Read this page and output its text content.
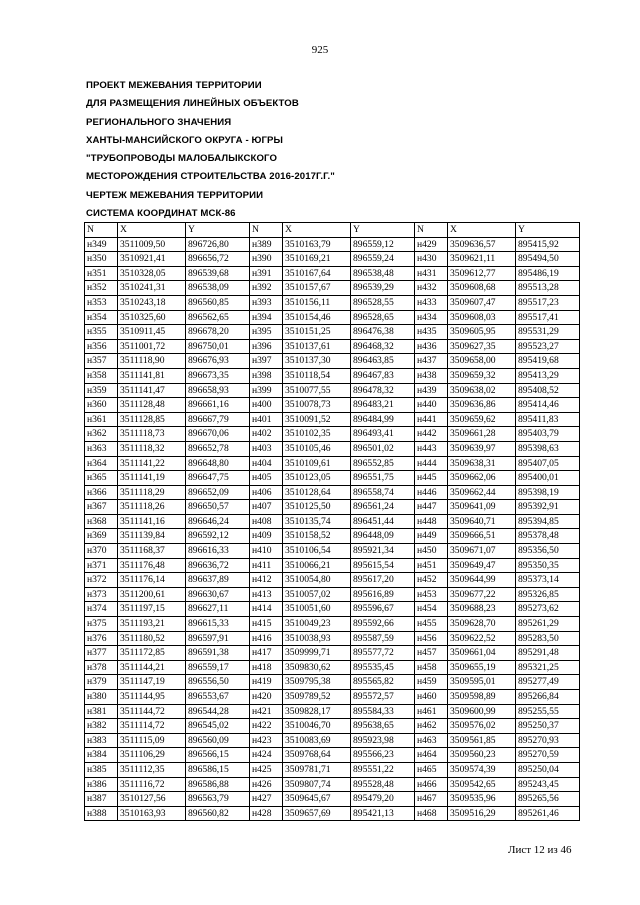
925
ПРОЕКТ МЕЖЕВАНИЯ ТЕРРИТОРИИ
ДЛЯ РАЗМЕЩЕНИЯ ЛИНЕЙНЫХ ОБЪЕКТОВ
РЕГИОНАЛЬНОГО ЗНАЧЕНИЯ
ХАНТЫ-МАНСИЙСКОГО ОКРУГА - ЮГРЫ
"ТРУБОПРОВОДЫ МАЛОБАЛЫКСКОГО
МЕСТОРОЖДЕНИЯ СТРОИТЕЛЬСТВА 2016-2017Г.Г."
ЧЕРТЕЖ МЕЖЕВАНИЯ ТЕРРИТОРИИ
СИСТЕМА КООРДИНАТ МСК-86
N	X	Y	N	X	Y	N	X	Y
н349	3511009,50	896726,80	н389	3510163,79	896559,12	н429	3509636,57	895415,92
н350	3510921,41	896656,72	н390	3510169,21	896559,24	н430	3509621,11	895494,50
н351	3510328,05	896539,68	н391	3510167,64	896538,48	н431	3509612,77	895486,19
н352	3510241,31	896538,09	н392	3510157,67	896539,29	н432	3509608,68	895513,28
н353	3510243,18	896560,85	н393	3510156,11	896528,55	н433	3509607,47	895517,23
н354	3510325,60	896562,65	н394	3510154,46	896528,65	н434	3509608,03	895517,41
н355	3510911,45	896678,20	н395	3510151,25	896476,38	н435	3509605,95	895531,29
н356	3511001,72	896750,01	н396	3510137,61	896468,32	н436	3509627,35	895523,27
н357	3511118,90	896676,93	н397	3510137,30	896463,85	н437	3509658,00	895419,68
н358	3511141,81	896673,35	н398	3510118,54	896467,83	н438	3509659,32	895413,29
н359	3511141,47	896658,93	н399	3510077,55	896478,32	н439	3509638,02	895408,52
н360	3511128,48	896661,16	н400	3510078,73	896483,21	н440	3509636,86	895414,46
н361	3511128,85	896667,79	н401	3510091,52	896484,99	н441	3509659,62	895411,83
н362	3511118,73	896670,06	н402	3510102,35	896493,41	н442	3509661,28	895403,79
н363	3511118,32	896652,78	н403	3510105,46	896501,02	н443	3509639,97	895398,63
н364	3511141,22	896648,80	н404	3510109,61	896552,85	н444	3509638,31	895407,05
н365	3511141,19	896647,75	н405	3510123,05	896551,75	н445	3509662,06	895400,01
н366	3511118,29	896652,09	н406	3510128,64	896558,74	н446	3509662,44	895398,19
н367	3511118,26	896650,57	н407	3510125,50	896561,24	н447	3509641,09	895392,91
н368	3511141,16	896646,24	н408	3510135,74	896451,44	н448	3509640,71	895394,85
н369	3511139,84	896592,12	н409	3510158,52	896448,09	н449	3509666,51	895378,48
н370	3511168,37	896616,33	н410	3510106,54	895921,34	н450	3509671,07	895356,50
н371	3511176,48	896636,72	н411	3510066,21	895615,54	н451	3509649,47	895350,35
н372	3511176,14	896637,89	н412	3510054,80	895617,20	н452	3509644,99	895373,14
н373	3511200,61	896630,67	н413	3510057,02	895616,89	н453	3509677,22	895326,85
н374	3511197,15	896627,11	н414	3510051,60	895596,67	н454	3509688,23	895273,62
н375	3511193,21	896615,33	н415	3510049,23	895592,66	н455	3509628,70	895261,29
н376	3511180,52	896597,91	н416	3510038,93	895587,59	н456	3509622,52	895283,50
н377	3511172,85	896591,38	н417	3509999,71	895577,72	н457	3509661,04	895291,48
н378	3511144,21	896559,17	н418	3509830,62	895535,45	н458	3509655,19	895321,25
н379	3511147,19	896556,50	н419	3509795,38	895565,82	н459	3509595,01	895277,49
н380	3511144,95	896553,67	н420	3509789,52	895572,57	н460	3509598,89	895266,84
н381	3511144,72	896544,28	н421	3509828,17	895584,33	н461	3509600,99	895255,55
н382	3511114,72	896545,02	н422	3510046,70	895638,65	н462	3509576,02	895250,37
н383	3511115,09	896560,09	н423	3510083,69	895923,98	н463	3509561,85	895270,93
н384	3511106,29	896566,15	н424	3509768,64	895566,23	н464	3509560,23	895270,59
н385	3511112,35	896586,15	н425	3509781,71	895551,22	н465	3509574,39	895250,04
н386	3511116,72	896586,88	н426	3509807,74	895528,48	н466	3509542,65	895243,45
н387	3510127,56	896563,79	н427	3509645,67	895479,20	н467	3509535,96	895265,56
н388	3510163,93	896560,82	н428	3509657,69	895421,13	н468	3509516,29	895261,46
Лист 12 из 46
